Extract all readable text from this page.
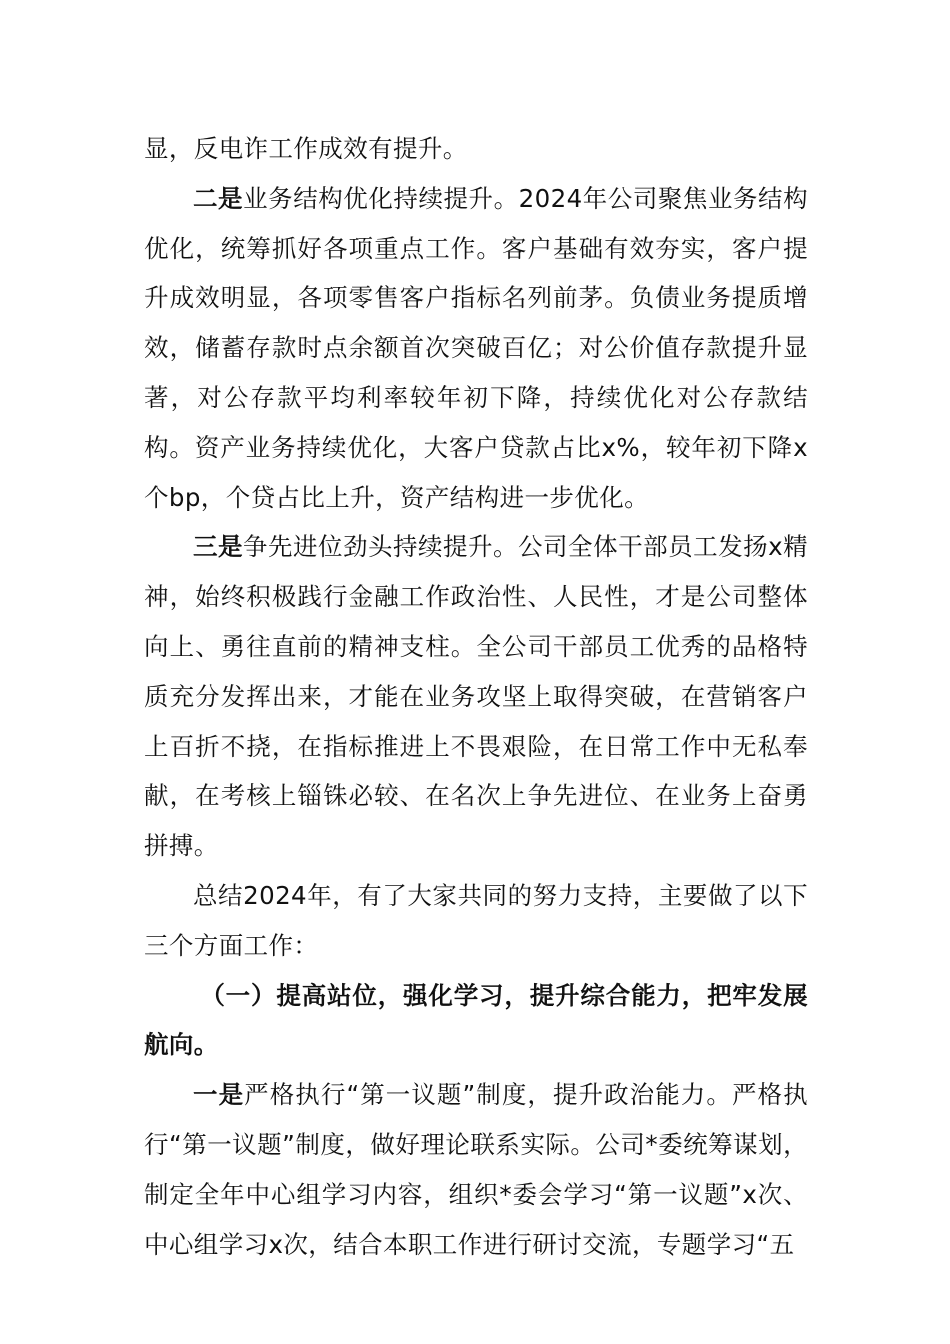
显，反电诈工作成效有提升。

二是业务结构优化持续提升。2024年公司聚焦业务结构优化，统筹抓好各项重点工作。客户基础有效夯实，客户提升成效明显，各项零售客户指标名列前茅。负债业务提质增效，储蓄存款时点余额首次突破百亿；对公价值存款提升显著，对公存款平均利率较年初下降，持续优化对公存款结构。资产业务持续优化，大客户贷款占比x%，较年初下降x个bp，个贷占比上升，资产结构进一步优化。

三是争先进位劲头持续提升。公司全体干部员工发扬x精神，始终积极践行金融工作政治性、人民性，才是公司整体向上、勇往直前的精神支柱。全公司干部员工优秀的品格特质充分发挥出来，才能在业务攻坚上取得突破，在营销客户上百折不挠，在指标推进上不畏艰险，在日常工作中无私奉献，在考核上锱铢必较、在名次上争先进位、在业务上奋勇拼搏。

总结2024年，有了大家共同的努力支持，主要做了以下三个方面工作：

（一）提高站位，强化学习，提升综合能力，把牢发展航向。

一是严格执行“第一议题”制度，提升政治能力。严格执行“第一议题”制度，做好理论联系实际。公司*委统筹谋划，制定全年中心组学习内容，组织*委会学习“第一议题”x次、中心组学习x次，结合本职工作进行研讨交流，专题学习“五
